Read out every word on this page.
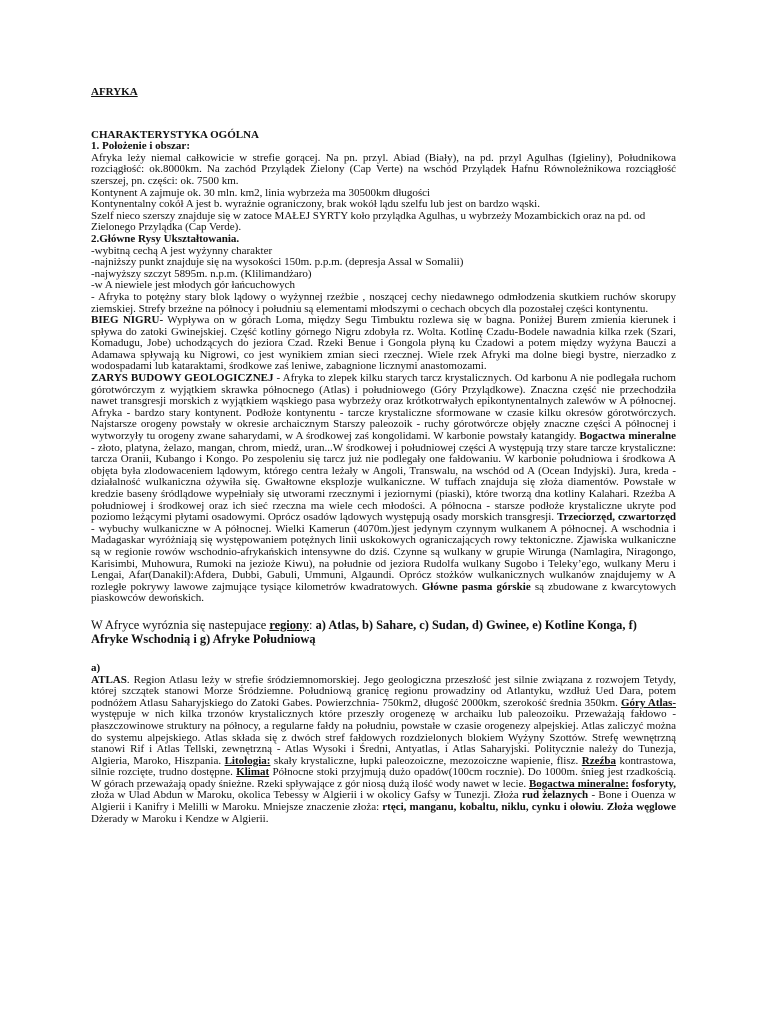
AFRYKA
CHARAKTERYSTYKA OGÓLNA
1. Położenie i obszar:

Afryka leży niemal całkowicie w strefie gorącej. Na pn. przyl. Abiad (Biały), na pd. przyl Agulhas (Igieliny), Południkowa rozciągłość: ok.8000km. Na zachód Przylądek Zielony (Cap Verte) na wschód Przylądek Hafnu Równoleżnikowa rozciągłość szerszej, pn. części: ok. 7500 km.

Kontynent A zajmuje ok. 30 mln. km2, linia wybrzeża ma 30500km długości

Kontynentalny cokół A jest b. wyraźnie ograniczony, brak wokół lądu szelfu lub jest on bardzo wąski.

Szelf nieco szerszy znajduje się w zatoce MAŁEJ SYRTY koło przylądka Agulhas, u wybrzeży Mozambickich oraz na pd. od Zielonego Przylądka (Cap Verde).

2.Główne Rysy Ukształtowania.

-wybitną cechą A jest wyżynny charakter

-najniższy punkt znajduje się na wysokości 150m. p.p.m. (depresja Assal w Somalii)

-najwyższy szczyt 5895m. n.p.m. (Klilimandżaro)

-w A niewiele jest młodych gór łańcuchowych

- Afryka to potężny stary blok lądowy o wyżynnej rzeźbie , noszącej cechy niedawnego odmłodzenia skutkiem ruchów skorupy ziemskiej. Strefy brzeżne na północy i południu są elementami młodszymi o cechach obcych dla pozostałej części kontynentu.

BIEG NIGRU- Wypływa on w górach Loma, między Segu Timbuktu rozlewa się w bagna. Poniżej Burem zmienia kierunek i spływa do zatoki Gwinejskiej. Część kotliny górnego Nigru zdobyła rz. Wolta. Kotlinę Czadu-Bodele nawadnia kilka rzek (Szari, Komadugu, Jobe) uchodzących do jeziora Czad. Rzeki Benue i Gongola płyną ku Czadowi a potem między wyżyna Bauczi a Adamawa spływają ku Nigrowi, co jest wynikiem zmian sieci rzecznej. Wiele rzek Afryki ma dolne biegi bystre, nierzadko z wodospadami lub kataraktami, środkowe zaś leniwe, zabagnione licznymi anastomozami.

ZARYS BUDOWY GEOLOGICZNEJ - Afryka to zlepek kilku starych tarcz krystalicznych. Od karbonu A nie podlegała ruchom górotwórczym z wyjątkiem skrawka północnego (Atlas) i południowego (Góry Przylądkowe). Znaczna część nie przechodziła nawet transgresji morskich z wyjątkiem wąskiego pasa wybrzeży oraz krótkotrwałych epikontynentalnych zalewów w A północnej. Afryka - bardzo stary kontynent. Podłoże kontynentu - tarcze krystaliczne sformowane w czasie kilku okresów górotwórczych. Najstarsze orogeny powstały w okresie archaicznym Starszy paleozoik - ruchy górotwórcze objęły znaczne części A północnej i wytworzyły tu orogeny zwane saharydami, w A środkowej zaś kongolidami. W karbonie powstały katangidy. Bogactwa mineralne - złoto, platyna, żelazo, mangan, chrom, miedź, uran...W środkowej i południowej części A występują trzy stare tarcze krystaliczne: tarcza Oranii, Kubango i Kongo. Po zespoleniu się tarcz już nie podlegały one fałdowaniu. W karbonie południowa i środkowa A objęta była zlodowaceniem lądowym, którego centra leżały w Angoli, Transwalu, na wschód od A (Ocean Indyjski). Jura, kreda - działalność wulkaniczna ożywiła się. Gwałtowne eksplozje wulkaniczne. W tuffach znajduja się złoża diamentów. Powstałe w kredzie baseny śródlądowe wypełniały się utworami rzecznymi i jeziornymi (piaski), które tworzą dna kotliny Kalahari. Rzeźba A południowej i środkowej oraz ich sieć rzeczna ma wiele cech młodości. A północna - starsze podłoże krystaliczne ukryte pod poziomo leżącymi płytami osadowymi. Oprócz osadów lądowych występują osady morskich transgresji. Trzeciorzęd, czwartorzęd - wybuchy wulkaniczne w A północnej. Wielki Kamerun (4070m.)jest jedynym czynnym wulkanem A północnej. A wschodnia i Madagaskar wyróżniają się występowaniem potężnych linii uskokowych ograniczających rowy tektoniczne. Zjawiska wulkaniczne są w regionie rowów wschodnio-afrykańskich intensywne do dziś. Czynne są wulkany w grupie Wirunga (Namlagira, Niragongo, Karisimbi, Muhowura, Rumoki na jezioże Kiwu), na południe od jeziora Rudolfa wulkany Sugobo i Teleky’ego, wulkany Meru i Lengai, Afar(Danakil):Afdera, Dubbi, Gabuli, Ummuni, Algaundi. Oprócz stożków wulkanicznych wulkanów znajdujemy w A rozległe pokrywy lawowe zajmujące tysiące kilometrów kwadratowych. Główne pasma górskie są zbudowane z kwarcytowych piaskowców dewońskich.

W Afryce wyróznia się nastepujace regiony: a) Atlas, b) Sahare, c) Sudan, d) Gwinee, e) Kotline Konga, f) Afryke Wschodnią i g) Afryke Południową

a)

ATLAS. Region Atlasu leży w strefie śródziemnomorskiej. Jego geologiczna przeszłość jest silnie związana z rozwojem Tetydy, której szczątek stanowi Morze Śródziemne. Południową granicę regionu prowadziny od Atlantyku, wzdłuż Ued Dara, potem podnóżem Atlasu Saharyjskiego do Zatoki Gabes. Powierzchnia- 750km2, długość 2000km, szerokość średnia 350km. Góry Atlas- występuje w nich kilka trzonów krystalicznych które przeszły orogenezę w archaiku lub paleozoiku. Przeważają fałdowo - płaszczowinowe struktury na północy, a regularne fałdy na południu, powstałe w czasie orogenezy alpejskiej. Atlas zaliczyć można do systemu alpejskiego. Atlas składa się z dwóch stref fałdowych rozdzielonych blokiem Wyżyny Szottów. Strefę wewnętrzną stanowi Rif i Atlas Tellski, zewnętrzną - Atlas Wysoki i Średni, Antyatlas, i Atlas Saharyjski. Politycznie należy do Tunezja, Algieria, Maroko, Hiszpania. Litologia: skały krystaliczne, łupki paleozoiczne, mezozoiczne wapienie, flisz. Rzeźba kontrastowa, silnie rozcięte, trudno dostępne. Klimat Północne stoki przyjmują dużo opadów(100cm rocznie). Do 1000m. śnieg jest rzadkością. W górach przeważają opady śnieżne. Rzeki spływające z gór niosą dużą ilość wody nawet w lecie. Bogactwa mineralne: fosforyty, złoża w Ulad Abdun w Maroku, okolica Tebessy w Algierii i w okolicy Gafsy w Tunezji. Złoża rud żelaznych - Bone i Ouenza w Algierii i Kanifry i Melilli w Maroku. Mniejsze znaczenie złoża: rtęci, manganu, kobaltu, niklu, cynku i ołowiu. Złoża węglowe Dżerady w Maroku i Kendze w Algierii.
